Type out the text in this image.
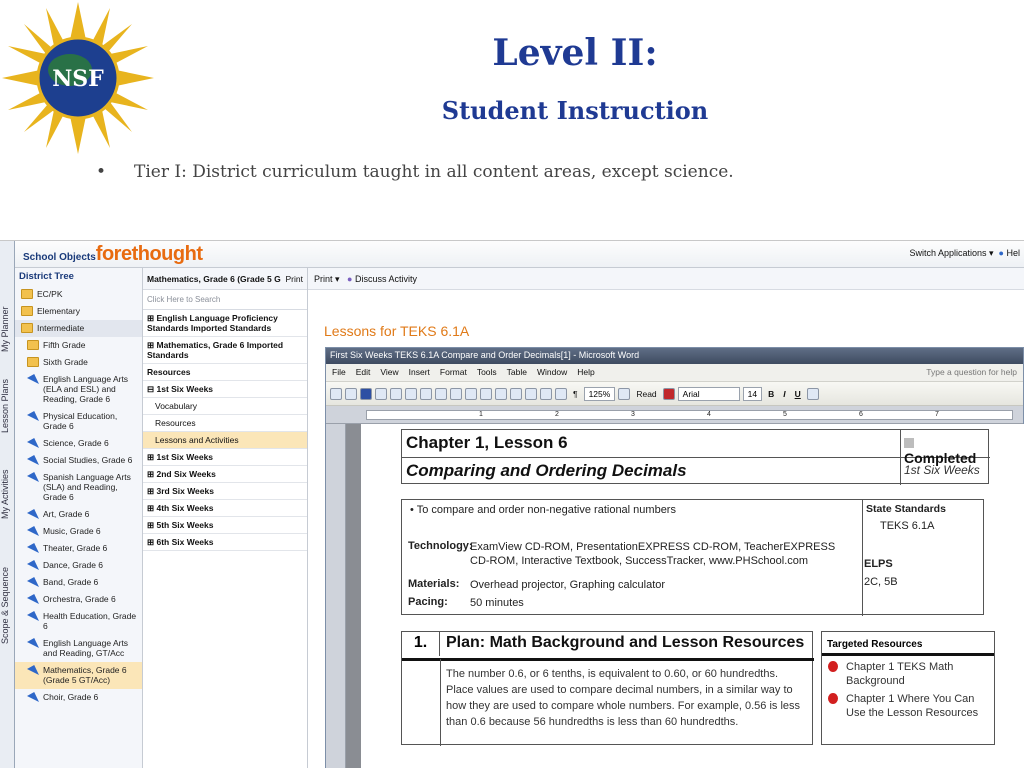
NSF
Level II:
Student Instruction
• Tier I: District curriculum taught in all content areas, except science.
My Planner
Lesson Plans
My Activities
Scope & Sequence
School Objectsforethought	Switch Applications ▾  ● Hel
District Tree
EC/PK
Elementary
Intermediate
Fifth Grade
Sixth Grade
English Language Arts (ELA and ESL) and Reading, Grade 6
Physical Education, Grade 6
Science, Grade 6
Social Studies, Grade 6
Spanish Language Arts (SLA) and Reading, Grade 6
Art, Grade 6
Music, Grade 6
Theater, Grade 6
Dance, Grade 6
Band, Grade 6
Orchestra, Grade 6
Health Education, Grade 6
English Language Arts and Reading, GT/Acc
Mathematics, Grade 6 (Grade 5 GT/Acc)
Choir, Grade 6
Mathematics, Grade 6 (Grade 5 G Print
Click Here to Search
⊞ English Language Proficiency Standards Imported Standards
⊞ Mathematics, Grade 6 Imported Standards
Resources
⊟ 1st Six Weeks
Vocabulary
Resources
Lessons and Activities
⊞ 1st Six Weeks
⊞ 2nd Six Weeks
⊞ 3rd Six Weeks
⊞ 4th Six Weeks
⊞ 5th Six Weeks
⊞ 6th Six Weeks
Print ▾ ● Discuss Activity
Lessons for TEKS 6.1A
First Six Weeks TEKS 6.1A Compare and Order Decimals[1] - Microsoft Word
File Edit View Insert Format Tools Table Window Help	Type a question for help
¶	125%	Read	Arial	14	B	I	U
1	2	3	4	5	6	7
Chapter 1, Lesson 6
Comparing and Ordering Decimals
Completed
1st Six Weeks
• To compare and order non-negative rational numbers
Technology:
ExamView CD-ROM, PresentationEXPRESS CD-ROM, TeacherEXPRESS CD-ROM, Interactive Textbook, SuccessTracker, www.PHSchool.com
Materials: Overhead projector, Graphing calculator
Pacing: 50 minutes
State Standards
TEKS 6.1A
ELPS
2C, 5B
1.	Plan: Math Background and Lesson Resources
The number 0.6, or 6 tenths, is equivalent to 0.60, or 60 hundredths. Place values are used to compare decimal numbers, in a similar way to how they are used to compare whole numbers. For example, 0.56 is less than 0.6 because 56 hundredths is less than 60 hundredths.
Targeted Resources
Chapter 1 TEKS Math Background
Chapter 1 Where You Can Use the Lesson Resources
